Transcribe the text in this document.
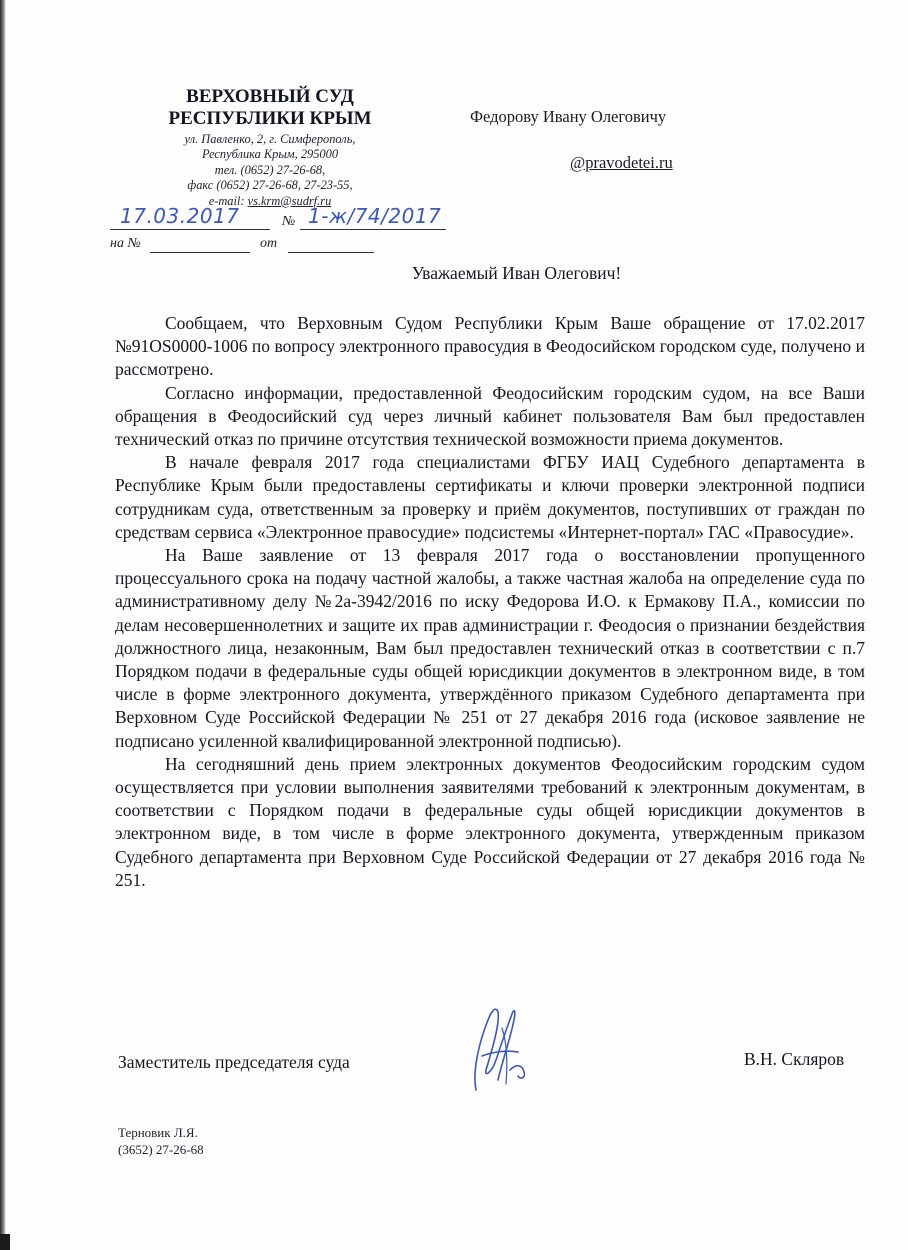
ВЕРХОВНЫЙ СУД
РЕСПУБЛИКИ КРЫМ
ул. Павленко, 2, г. Симферополь,
Республика Крым, 295000
тел. (0652) 27-26-68,
факс (0652) 27-26-68, 27-23-55,
e-mail: vs.krm@sudrf.ru
Федорову Ивану Олеговичу
@pravodetei.ru
17.03.2017	№ 1-ж/74/2017
на №	от
Уважаемый Иван Олегович!

Сообщаем, что Верховным Судом Республики Крым Ваше обращение от 17.02.2017 №91OS0000-1006 по вопросу электронного правосудия в Феодосийском городском суде, получено и рассмотрено.

Согласно информации, предоставленной Феодосийским городским судом, на все Ваши обращения в Феодосийский суд через личный кабинет пользователя Вам был предоставлен технический отказ по причине отсутствия технической возможности приема документов.

В начале февраля 2017 года специалистами ФГБУ ИАЦ Судебного департамента в Республике Крым были предоставлены сертификаты и ключи проверки электронной подписи сотрудникам суда, ответственным за проверку и приём документов, поступивших от граждан по средствам сервиса «Электронное правосудие» подсистемы «Интернет-портал» ГАС «Правосудие».

На Ваше заявление от 13 февраля 2017 года о восстановлении пропущенного процессуального срока на подачу частной жалобы, а также частная жалоба на определение суда по административному делу №2а-3942/2016 по иску Федорова И.О. к Ермакову П.А., комиссии по делам несовершеннолетних и защите их прав администрации г. Феодосия о признании бездействия должностного лица, незаконным, Вам был предоставлен технический отказ в соответствии с п.7 Порядком подачи в федеральные суды общей юрисдикции документов в электронном виде, в том числе в форме электронного документа, утверждённого приказом Судебного департамента при Верховном Суде Российской Федерации № 251 от 27 декабря 2016 года (исковое заявление не подписано усиленной квалифицированной электронной подписью).

На сегодняшний день прием электронных документов Феодосийским городским судом осуществляется при условии выполнения заявителями требований к электронным документам, в соответствии с Порядком подачи в федеральные суды общей юрисдикции документов в электронном виде, в том числе в форме электронного документа, утвержденным приказом Судебного департамента при Верховном Суде Российской Федерации от 27 декабря 2016 года № 251.

Заместитель председателя суда	В.Н. Скляров
Терновик Л.Я.
(3652) 27-26-68
